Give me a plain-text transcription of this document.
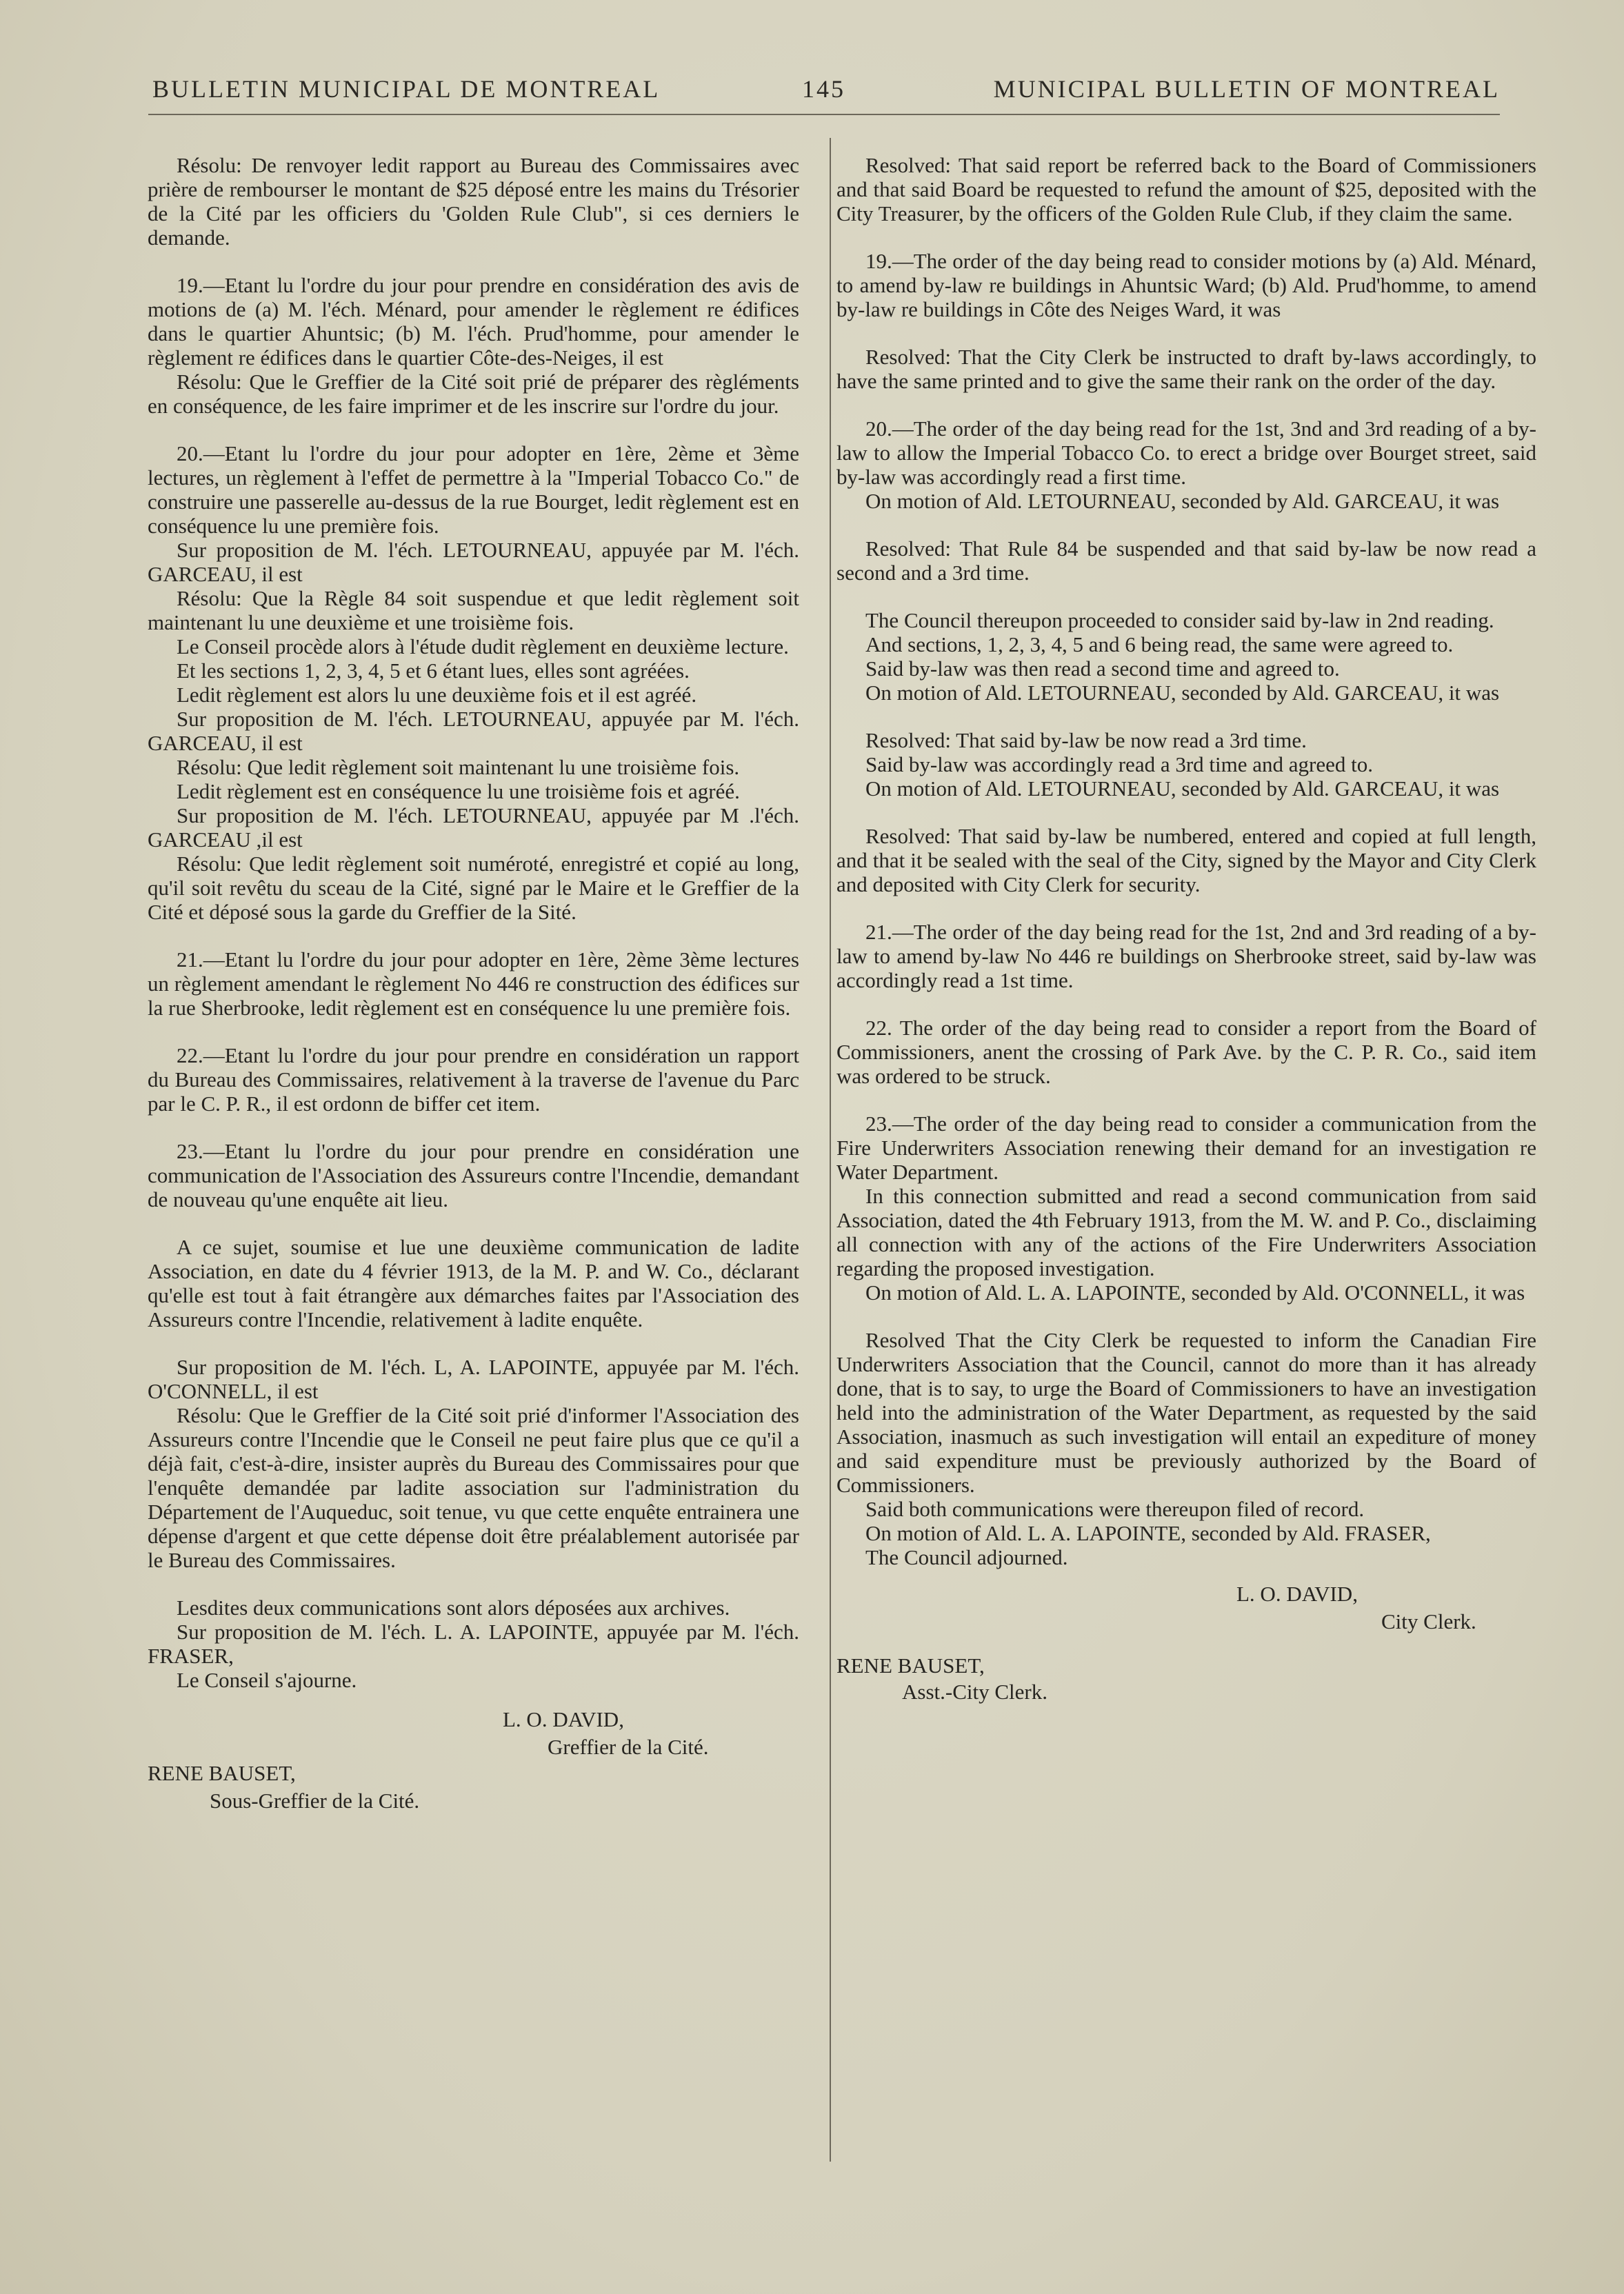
BULLETIN MUNICIPAL DE MONTREAL	145	MUNICIPAL BULLETIN OF MONTREAL

Résolu: De renvoyer ledit rapport au Bureau des Commissaires avec prière de rembourser le montant de $25 déposé entre les mains du Trésorier de la Cité par les officiers du 'Golden Rule Club", si ces derniers le demande.

19.—Etant lu l'ordre du jour pour prendre en considération des avis de motions de (a) M. l'éch. Ménard, pour amender le règlement re édifices dans le quartier Ahuntsic; (b) M. l'éch. Prud'homme, pour amender le règlement re édifices dans le quartier Côte-des-Neiges, il est

Résolu: Que le Greffier de la Cité soit prié de préparer des règléments en conséquence, de les faire imprimer et de les inscrire sur l'ordre du jour.

20.—Etant lu l'ordre du jour pour adopter en 1ère, 2ème et 3ème lectures, un règlement à l'effet de permettre à la "Imperial Tobacco Co." de construire une passerelle au-dessus de la rue Bourget, ledit règlement est en conséquence lu une première fois.

Sur proposition de M. l'éch. LETOURNEAU, appuyée par M. l'éch. GARCEAU, il est

Résolu: Que la Règle 84 soit suspendue et que ledit règlement soit maintenant lu une deuxième et une troisième fois.

Le Conseil procède alors à l'étude dudit règlement en deuxième lecture.

Et les sections 1, 2, 3, 4, 5 et 6 étant lues, elles sont agréées.

Ledit règlement est alors lu une deuxième fois et il est agréé.

Sur proposition de M. l'éch. LETOURNEAU, appuyée par M. l'éch. GARCEAU, il est

Résolu: Que ledit règlement soit maintenant lu une troisième fois.

Ledit règlement est en conséquence lu une troisième fois et agréé.

Sur proposition de M. l'éch. LETOURNEAU, appuyée par M .l'éch. GARCEAU ,il est

Résolu: Que ledit règlement soit numéroté, enregistré et copié au long, qu'il soit revêtu du sceau de la Cité, signé par le Maire et le Greffier de la Cité et déposé sous la garde du Greffier de la Sité.

21.—Etant lu l'ordre du jour pour adopter en 1ère, 2ème 3ème lectures un règlement amendant le règlement No 446 re construction des édifices sur la rue Sherbrooke, ledit règlement est en conséquence lu une première fois.

22.—Etant lu l'ordre du jour pour prendre en considération un rapport du Bureau des Commissaires, relativement à la traverse de l'avenue du Parc par le C. P. R., il est ordonn de biffer cet item.

23.—Etant lu l'ordre du jour pour prendre en considération une communication de l'Association des Assureurs contre l'Incendie, demandant de nouveau qu'une enquête ait lieu.

A ce sujet, soumise et lue une deuxième communication de ladite Association, en date du 4 février 1913, de la M. P. and W. Co., déclarant qu'elle est tout à fait étrangère aux démarches faites par l'Association des Assureurs contre l'Incendie, relativement à ladite enquête.

Sur proposition de M. l'éch. L, A. LAPOINTE, appuyée par M. l'éch. O'CONNELL, il est

Résolu: Que le Greffier de la Cité soit prié d'informer l'Association des Assureurs contre l'Incendie que le Conseil ne peut faire plus que ce qu'il a déjà fait, c'est-à-dire, insister auprès du Bureau des Commissaires pour que l'enquête demandée par ladite association sur l'administration du Département de l'Auqueduc, soit tenue, vu que cette enquête entrainera une dépense d'argent et que cette dépense doit être préalablement autorisée par le Bureau des Commissaires.

Lesdites deux communications sont alors déposées aux archives.

Sur proposition de M. l'éch. L. A. LAPOINTE, appuyée par M. l'éch. FRASER,

Le Conseil s'ajourne.

L. O. DAVID,
Greffier de la Cité.
RENE BAUSET,
Sous-Greffier de la Cité.

Resolved: That said report be referred back to the Board of Commissioners and that said Board be requested to refund the amount of $25, deposited with the City Treasurer, by the officers of the Golden Rule Club, if they claim the same.

19.—The order of the day being read to consider motions by (a) Ald. Ménard, to amend by-law re buildings in Ahuntsic Ward; (b) Ald. Prud'homme, to amend by-law re buildings in Côte des Neiges Ward, it was

Resolved: That the City Clerk be instructed to draft by-laws accordingly, to have the same printed and to give the same their rank on the order of the day.

20.—The order of the day being read for the 1st, 3nd and 3rd reading of a by-law to allow the Imperial Tobacco Co. to erect a bridge over Bourget street, said by-law was accordingly read a first time.

On motion of Ald. LETOURNEAU, seconded by Ald. GARCEAU, it was

Resolved: That Rule 84 be suspended and that said by-law be now read a second and a 3rd time.

The Council thereupon proceeded to consider said by-law in 2nd reading.

And sections, 1, 2, 3, 4, 5 and 6 being read, the same were agreed to.

Said by-law was then read a second time and agreed to.

On motion of Ald. LETOURNEAU, seconded by Ald. GARCEAU, it was

Resolved: That said by-law be now read a 3rd time.

Said by-law was accordingly read a 3rd time and agreed to.

On motion of Ald. LETOURNEAU, seconded by Ald. GARCEAU, it was

Resolved: That said by-law be numbered, entered and copied at full length, and that it be sealed with the seal of the City, signed by the Mayor and City Clerk and deposited with City Clerk for security.

21.—The order of the day being read for the 1st, 2nd and 3rd reading of a by-law to amend by-law No 446 re buildings on Sherbrooke street, said by-law was accordingly read a 1st time.

22. The order of the day being read to consider a report from the Board of Commissioners, anent the crossing of Park Ave. by the C. P. R. Co., said item was ordered to be struck.

23.—The order of the day being read to consider a communication from the Fire Underwriters Association renewing their demand for an investigation re Water Department.

In this connection submitted and read a second communication from said Association, dated the 4th February 1913, from the M. W. and P. Co., disclaiming all connection with any of the actions of the Fire Underwriters Association regarding the proposed investigation.

On motion of Ald. L. A. LAPOINTE, seconded by Ald. O'CONNELL, it was

Resolved That the City Clerk be requested to inform the Canadian Fire Underwriters Association that the Council, cannot do more than it has already done, that is to say, to urge the Board of Commissioners to have an investigation held into the administration of the Water Department, as requested by the said Association, inasmuch as such investigation will entail an expediture of money and said expenditure must be previously authorized by the Board of Commissioners.

Said both communications were thereupon filed of record.

On motion of Ald. L. A. LAPOINTE, seconded by Ald. FRASER,

The Council adjourned.

L. O. DAVID,
City Clerk.
RENE BAUSET,
Asst.-City Clerk.
